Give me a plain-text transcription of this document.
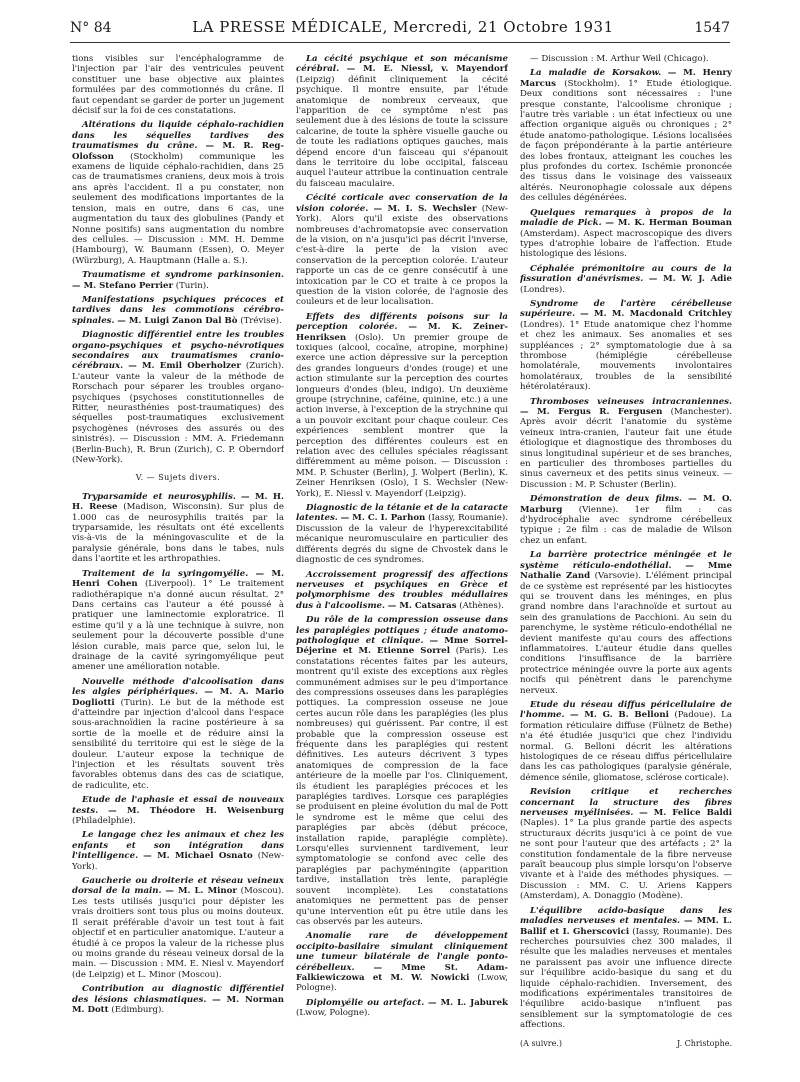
N° 84	LA PRESSE MÉDICALE, Mercredi, 21 Octobre 1931	1547

tions visibles sur l'encéphalogramme de l'injection par l'air des ventricules peuvent constituer une base objective aux plaintes formulées par des commotionnés du crâne. Il faut cependant se garder de porter un jugement décisif sur la foi de ces constatations.

Altérations du liquide céphalo-rachidien dans les séquelles tardives des traumatismes du crâne. — M. R. Reg-Olofsson (Stockholm) communique les examens de liquide céphalo-rachidien, dans 25 cas de traumatismes craniens, deux mois à trois ans après l'accident. Il a pu constater, non seulement des modifications importantes de la tension, mais en outre, dans 6 cas, une augmentation du taux des globulines (Pandy et Nonne positifs) sans augmentation du nombre des cellules. — Discussion : MM. H. Demme (Hambourg), W. Baumann (Essen), O. Meyer (Würzburg), A. Hauptmann (Halle a. S.).

Traumatisme et syndrome parkinsonien. — M. Stefano Perrier (Turin).

Manifestations psychiques précoces et tardives dans les commotions cérébro-spinales. — M. Luigi Zanon Dal Bò (Trévise).

Diagnostic différentiel entre les troubles organo-psychiques et psycho-névrotiques secondaires aux traumatismes cranio-cérébraux. — M. Emil Oberholzer (Zurich). L'auteur vante la valeur de la méthode de Rorschach pour séparer les troubles organo-psychiques (psychoses constitutionnelles de Ritter, neurasthénies post-traumatiques) des séquelles post-traumatiques exclusivement psychogènes (névroses des assurés ou des sinistrés). — Discussion : MM. A. Friedemann (Berlin-Buch), R. Brun (Zurich), C. P. Oberndorf (New-York).

V. — Sujets divers.

Tryparsamide et neurosyphilis. — M. H. H. Reese (Madison, Wisconsin). Sur plus de 1.000 cas de neurosyphilis traités par la tryparsamide, les résultats ont été excellents vis-à-vis de la méningovasculite et de la paralysie générale, bons dans le tabes, nuls dans l'aortite et les arthropathies.

Traitement de la syringomyélie. — M. Henri Cohen (Liverpool). 1° Le traitement radiothérapique n'a donné aucun résultat. 2° Dans certains cas l'auteur a été poussé à pratiquer une laminectomie exploratrice. Il estime qu'il y a là une technique à suivre, non seulement pour la découverte possible d'une lésion curable, mais parce que, selon lui, le drainage de la cavité syringomyélique peut amener une amélioration notable.

Nouvelle méthode d'alcoolisation dans les algies périphériques. — M. A. Mario Dogliotti (Turin). Le but de la méthode est d'atteindre par injection d'alcool dans l'espace sous-arachnoïdien la racine postérieure à sa sortie de la moelle et de réduire ainsi la sensibilité du territoire qui est le siège de la douleur. L'auteur expose la technique de l'injection et les résultats souvent très favorables obtenus dans des cas de sciatique, de radiculite, etc.

Etude de l'aphasie et essai de nouveaux tests. — M. Théodore H. Weisenburg (Philadelphie).

Le langage chez les animaux et chez les enfants et son intégration dans l'intelligence. — M. Michael Osnato (New-York).

Gaucherie ou droiterie et réseau veineux dorsal de la main. — M. L. Minor (Moscou). Les tests utilisés jusqu'ici pour dépister les vrais droitiers sont tous plus ou moins douteux. Il serait préférable d'avoir un test tout à fait objectif et en particulier anatomique. L'auteur a étudié à ce propos la valeur de la richesse plus ou moins grande du réseau veineux dorsal de la main. — Discussion : MM. E. Niesl v. Mayendorf (de Leipzig) et L. Minor (Moscou).

Contribution au diagnostic différentiel des lésions chiasmatiques. — M. Norman M. Dott (Edimburg).

La cécité psychique et son mécanisme cérébral. — M. E. Niessl, v. Mayendorf (Leipzig) définit cliniquement la cécité psychique. Il montre ensuite, par l'étude anatomique de nombreux cerveaux, que l'apparition de ce symptôme n'est pas seulement due à des lésions de toute la scissure calcarine, de toute la sphère visuelle gauche ou de toute les radiations optiques gauches, mais dépend encore d'un faisceau qui s'épanouit dans le territoire du lobe occipital, faisceau auquel l'auteur attribue la continuation centrale du faisceau maculaire.

Cécité corticale avec conservation de la vision colorée. — M. I. S. Wechsler (New-York). Alors qu'il existe des observations nombreuses d'achromatopsie avec conservation de la vision, on n'a jusqu'ici pas décrit l'inverse, c'est-à-dire la perte de la vision avec conservation de la perception colorée. L'auteur rapporte un cas de ce genre consécutif à une intoxication par le CO et traite à ce propos la question de la vision colorée, de l'agnosie des couleurs et de leur localisation.

Effets des différents poisons sur la perception colorée. — M. K. Zeiner-Henriksen (Oslo). Un premier groupe de toxiques (alcool, cocaïne, atropine, morphine) exerce une action dépressive sur la perception des grandes longueurs d'ondes (rouge) et une action stimulante sur la perception des courtes longueurs d'ondes (bleu, indigo). Un deuxième groupe (strychnine, caféine, quinine, etc.) a une action inverse, à l'exception de la strychnine qui a un pouvoir excitant pour chaque couleur. Ces expériences semblent montrer que la perception des différentes couleurs est en relation avec des cellules spéciales réagissant différemment au même poison. — Discussion : MM. P. Schuster (Berlin), J. Wolpert (Berlin), K. Zeiner Henriksen (Oslo), I S. Wechsler (New-York), E. Niessl v. Mayendorf (Leipzig).

Diagnostic de la tétanie et de la cataracte latentes. — M. C. I. Parhon (Iassy, Roumanie). Discussion de la valeur de l'hyperexcitabilité mécanique neuromusculaire en particulier des différents degrés du signe de Chvostek dans le diagnostic de ces syndromes.

Accroissement progressif des affections nerveuses et psychiques en Grèce et polymorphisme des troubles médullaires dus à l'alcoolisme. — M. Catsaras (Athènes).

Du rôle de la compression osseuse dans les paraplégies pottiques ; étude anatomo-pathologique et clinique. — Mme Sorrel-Déjerine et M. Etienne Sorrel (Paris). Les constatations récentes faites par les auteurs, montrent qu'il existe des exceptions aux règles communément admises sur le peu d'importance des compressions osseuses dans les paraplégies pottiques. La compression osseuse ne joue certes aucun rôle dans les paraplégies (les plus nombreuses) qui guérissent. Par contre, il est probable que la compression osseuse est fréquente dans les paraplégies qui restent définitives. Les auteurs décrivent 3 types anatomiques de compression de la face antérieure de la moelle par l'os. Cliniquement, ils étudient les paraplégies précoces et les paraplégies tardives. Lorsque ces paraplégies se produisent en pleine évolution du mal de Pott le syndrome est le même que celui des paraplégies par abcès (début précoce, installation rapide, paraplégie complète). Lorsqu'elles surviennent tardivement, leur symptomatologie se confond avec celle des paraplégies par pachyméningite (apparition tardive, installation très lente, paraplégie souvent incomplète). Les constatations anatomiques ne permettent pas de penser qu'une intervention eût pu être utile dans les cas observés par les auteurs.

Anomalie rare de développement occipito-basilaire simulant cliniquement une tumeur bilatérale de l'angle ponto-cérébelleux. — Mme St. Adam-Falkiewiczowa et M. W. Nowicki (Lwow, Pologne).

Diplomyélie ou artefact. — M. L. Jaburek (Lwow, Pologne).

— Discussion : M. Arthur Weil (Chicago).

La maladie de Korsakow. — M. Henry Marcus (Stockholm). 1° Etude étiologique. Deux conditions sont nécessaires : l'une presque constante, l'alcoolisme chronique ; l'autre très variable : un état infectieux ou une affection organique aiguës ou chroniques ; 2° étude anatomo-pathologique. Lésions localisées de façon prépondérante à la partie antérieure des lobes frontaux, atteignant les couches les plus profondes du cortex. Ischémie prononcée des tissus dans le voisinage des vaisseaux altérés. Neuronophagie colossale aux dépens des cellules dégénérées.

Quelques remarques à propos de la maladie de Pick. — M. K. Herman Bouman (Amsterdam). Aspect macroscopique des divers types d'atrophie lobaire de l'affection. Etude histologique des lésions.

Céphalée prémonitoire au cours de la fissuration d'anévrismes. — M. W. J. Adie (Londres).

Syndrome de l'artère cérébelleuse supérieure. — M. M. Macdonald Critchley (Londres). 1° Etude anatomique chez l'homme et chez les animaux. Ses anomalies et ses suppléances ; 2° symptomatologie due à sa thrombose (hémiplégie cérébelleuse homolatérale, mouvements involontaires homolatéraux, troubles de la sensibilité hétérolatéraux).

Thromboses veineuses intracraniennes. — M. Fergus R. Fergusen (Manchester). Après avoir décrit l'anatomie du système veineux intra-cranien, l'auteur fait une étude étiologique et diagnostique des thromboses du sinus longitudinal supérieur et de ses branches, en particulier des thromboses partielles du sinus caverneux et des petits sinus veineux. — Discussion : M. P. Schuster (Berlin).

Démonstration de deux films. — M. O. Marburg (Vienne). 1er film : cas d'hydrocéphalie avec syndrome cérébelleux typique ; 2e film : cas de maladie de Wilson chez un enfant.

La barrière protectrice méningée et le système réticulo-endothélial. — Mme Nathalie Zand (Varsovie). L'élément principal de ce système est représenté par les histiocytes qui se trouvent dans les méninges, en plus grand nombre dans l'arachnoïde et surtout au sein des granulations de Pacchioni. Au sein du parenchyme, le système réticulo-endothélial ne devient manifeste qu'au cours des affections inflammatoires. L'auteur étudie dans quelles conditions l'insuffisance de la barrière protectrice méningée ouvre la porte aux agents nocifs qui pénètrent dans le parenchyme nerveux.

Etude du réseau diffus péricellulaire de l'homme. — M. G. B. Belloni (Padoue). La formation réticulaire diffuse (Fülnetz de Bethe) n'a été étudiée jusqu'ici que chez l'individu normal. G. Belloni décrit les altérations histologiques de ce réseau diffus péricellulaire dans les cas pathologiques (paralysie générale, démence sénile, gliomatose, sclérose corticale).

Revision critique et recherches concernant la structure des fibres nerveuses myélinisées. — M. Felice Baldi (Naples). 1° La plus grande partie des aspects structuraux décrits jusqu'ici à ce point de vue ne sont pour l'auteur que des artéfacts ; 2° la constitution fondamentale de la fibre nerveuse paraît beaucoup plus simple lorsqu'on l'observe vivante et à l'aide des méthodes physiques. — Discussion : MM. C. U. Ariens Kappers (Amsterdam), A. Donaggio (Modène).

L'équilibre acido-basique dans les maladies nerveuses et mentales. — MM. L. Ballif et I. Gherscovici (Iassy, Roumanie). Des recherches poursuivies chez 300 malades, il résulte que les maladies nerveuses et mentales ne paraissent pas avoir une influence directe sur l'équilibre acido-basique du sang et du liquide céphalo-rachidien. Inversement, des modifications expérimentales transitoires de l'équilibre acido-basique n'influent pas sensiblement sur la symptomatologie de ces affections.

(A suivre.)	J. Christophe.
